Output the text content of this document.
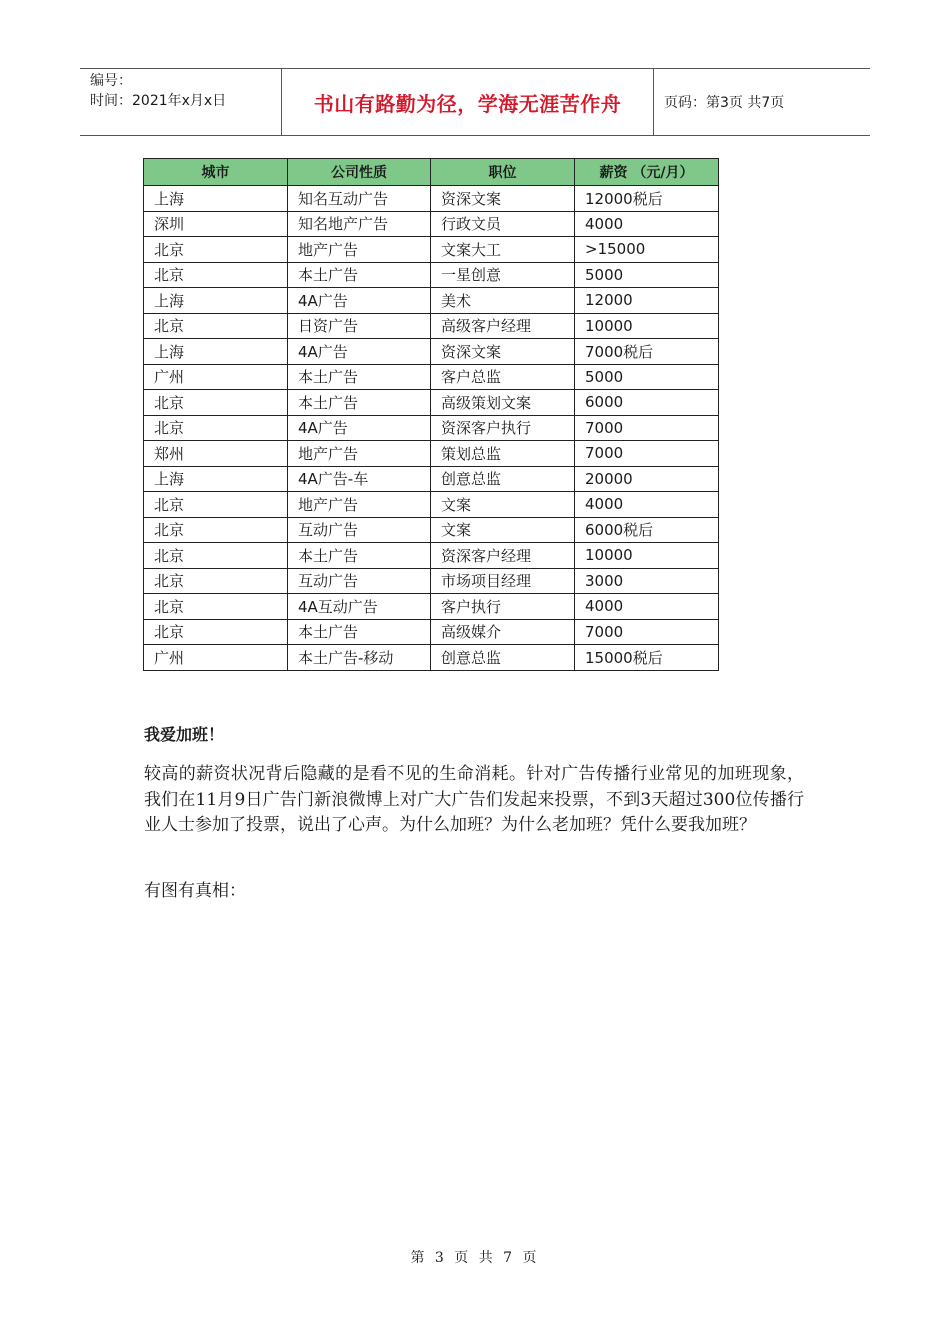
编号：
时间：2021年x月x日	书山有路勤为径，学海无涯苦作舟	页码：第3页 共7页
城市	公司性质	职位	薪资 （元/月）
上海	知名互动广告	资深文案	12000税后
深圳	知名地产广告	行政文员	4000
北京	地产广告	文案大工	>15000
北京	本土广告	一星创意	5000
上海	4A广告	美术	12000
北京	日资广告	高级客户经理	10000
上海	4A广告	资深文案	7000税后
广州	本土广告	客户总监	5000
北京	本土广告	高级策划文案	6000
北京	4A广告	资深客户执行	7000
郑州	地产广告	策划总监	7000
上海	4A广告-车	创意总监	20000
北京	地产广告	文案	4000
北京	互动广告	文案	6000税后
北京	本土广告	资深客户经理	10000
北京	互动广告	市场项目经理	3000
北京	4A互动广告	客户执行	4000
北京	本土广告	高级媒介	7000
广州	本土广告-移动	创意总监	15000税后
我爱加班！

较高的薪资状况背后隐藏的是看不见的生命消耗。针对广告传播行业常见的加班现象，我们在11月9日广告门新浪微博上对广大广告们发起来投票，不到3天超过300位传播行业人士参加了投票，说出了心声。为什么加班？为什么老加班？凭什么要我加班？

有图有真相：

第 3 页 共 7 页
